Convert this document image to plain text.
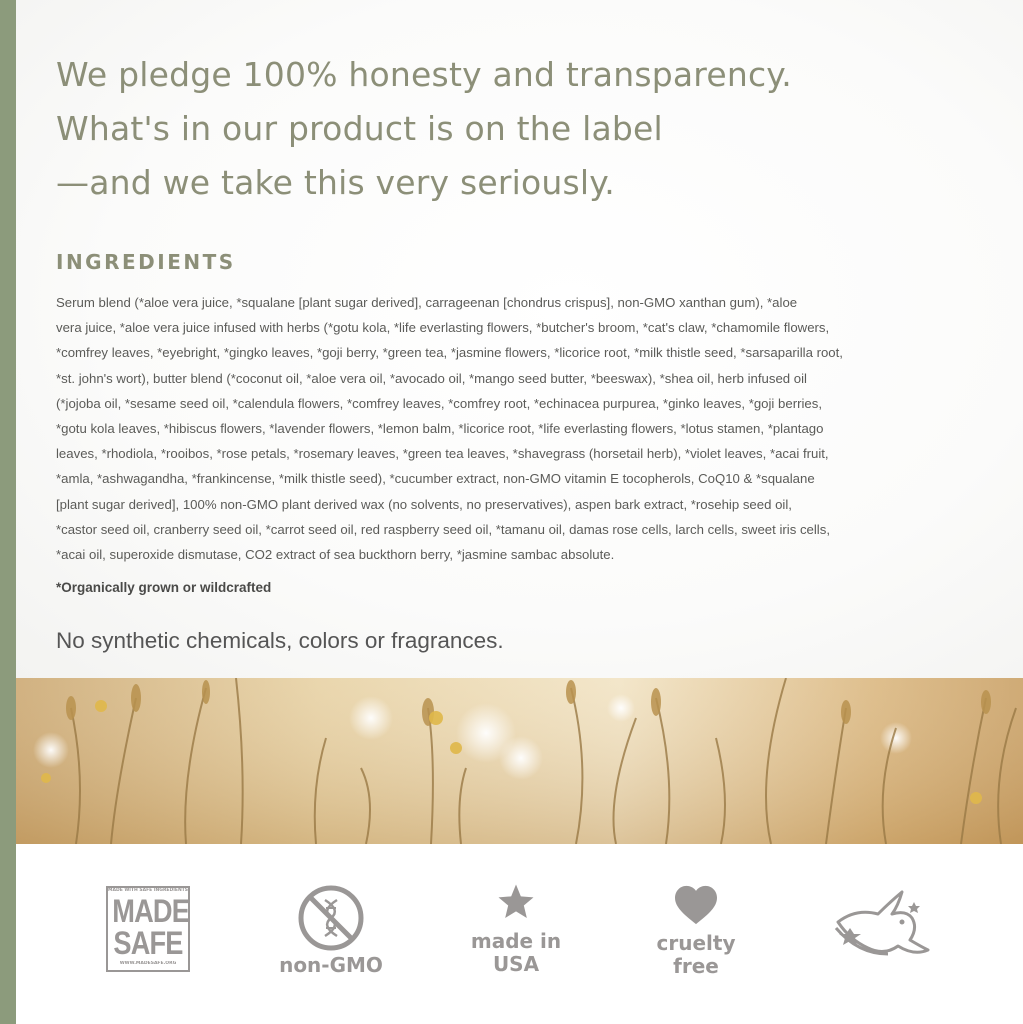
We pledge 100% honesty and transparency.
What's in our product is on the label
—and we take this very seriously.
INGREDIENTS
Serum blend (*aloe vera juice, *squalane [plant sugar derived], carrageenan [chondrus crispus], non-GMO xanthan gum), *aloe
vera juice, *aloe vera juice infused with herbs (*gotu kola, *life everlasting flowers, *butcher's broom, *cat's claw, *chamomile flowers,
*comfrey leaves, *eyebright, *gingko leaves, *goji berry, *green tea, *jasmine flowers, *licorice root, *milk thistle seed, *sarsaparilla root,
*st. john's wort), butter blend (*coconut oil, *aloe vera oil, *avocado oil, *mango seed butter, *beeswax), *shea oil, herb infused oil
(*jojoba oil, *sesame seed oil, *calendula flowers, *comfrey leaves, *comfrey root, *echinacea purpurea, *ginko leaves, *goji berries,
*gotu kola leaves, *hibiscus flowers, *lavender flowers, *lemon balm, *licorice root, *life everlasting flowers, *lotus stamen, *plantago
leaves, *rhodiola, *rooibos, *rose petals, *rosemary leaves, *green tea leaves, *shavegrass (horsetail herb), *violet leaves, *acai fruit,
*amla, *ashwagandha, *frankincense, *milk thistle seed), *cucumber extract, non-GMO vitamin E tocopherols, CoQ10 & *squalane
[plant sugar derived], 100% non-GMO plant derived wax (no solvents, no preservatives), aspen bark extract, *rosehip seed oil,
*castor seed oil, cranberry seed oil, *carrot seed oil, red raspberry seed oil, *tamanu oil, damas rose cells, larch cells, sweet iris cells,
*acai oil, superoxide dismutase, CO2 extract of sea buckthorn berry, *jasmine sambac absolute.
*Organically grown or wildcrafted
No synthetic chemicals, colors or fragrances.
MADE WITH SAFE INGREDIENTS
MADE
SAFE
WWW.MADESAFE.ORG	non-GMO
made in
USA
cruelty
free
